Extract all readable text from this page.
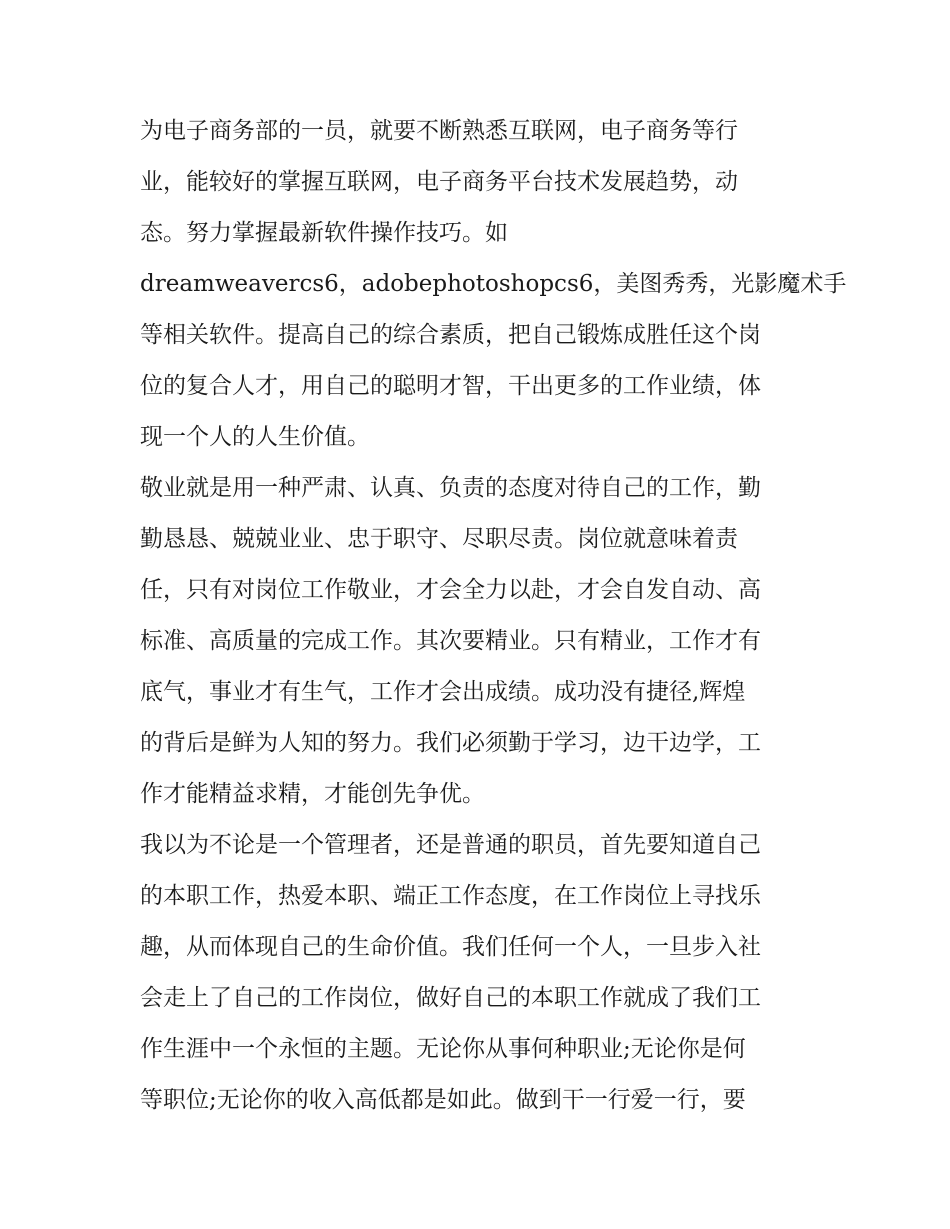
为电子商务部的一员，就要不断熟悉互联网，电子商务等行
业，能较好的掌握互联网，电子商务平台技术发展趋势，动
态。努力掌握最新软件操作技巧。如
dreamweavercs6，adobephotoshopcs6，美图秀秀，光影魔术手
等相关软件。提高自己的综合素质，把自己锻炼成胜任这个岗
位的复合人才，用自己的聪明才智，干出更多的工作业绩，体
现一个人的人生价值。
敬业就是用一种严肃、认真、负责的态度对待自己的工作，勤
勤恳恳、兢兢业业、忠于职守、尽职尽责。岗位就意味着责
任，只有对岗位工作敬业，才会全力以赴，才会自发自动、高
标准、高质量的完成工作。其次要精业。只有精业，工作才有
底气，事业才有生气，工作才会出成绩。成功没有捷径,辉煌
的背后是鲜为人知的努力。我们必须勤于学习，边干边学，工
作才能精益求精，才能创先争优。
我以为不论是一个管理者，还是普通的职员，首先要知道自己
的本职工作，热爱本职、端正工作态度，在工作岗位上寻找乐
趣，从而体现自己的生命价值。我们任何一个人，一旦步入社
会走上了自己的工作岗位，做好自己的本职工作就成了我们工
作生涯中一个永恒的主题。无论你从事何种职业;无论你是何
等职位;无论你的收入高低都是如此。做到干一行爱一行，要
